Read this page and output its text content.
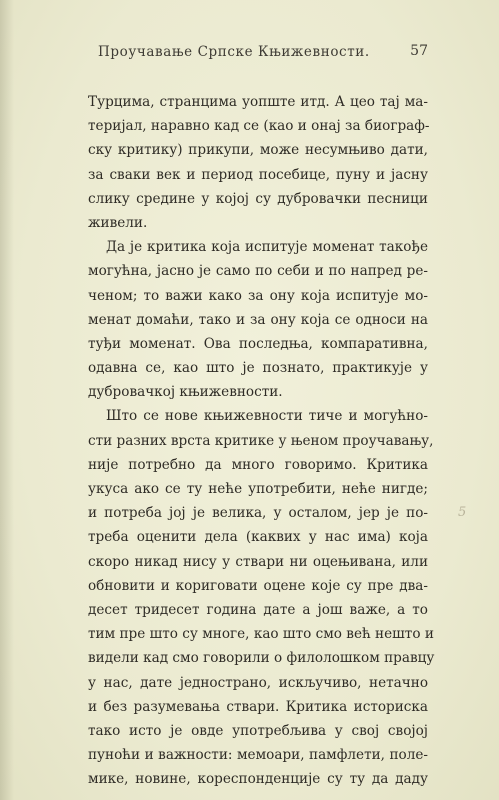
Проучавање Српске Књижевности.	57
Турцима, странцима уопште итд. А цео тај ма-
теријал, наравно кад се (као и онај за биограф-
ску критику) прикупи, може несумњиво дати,
за сваки век и период посебице, пуну и јасну
слику средине у којој су дубровачки песници
живели.
Да је критика која испитује моменат такође
могућна, јасно је само по себи и по напред ре-
ченом; то важи како за ону која испитује мо-
менат домаћи, тако и за ону која се односи на
туђи моменат. Ова последња, компаративна,
одавна се, као што је познато, практикује у
дубровачкој књижевности.
Што се нове књижевности тиче и могућно-
сти разних врста критике у њеном проучавању,
није потребно да много говоримо. Критика
укуса ако се ту неће употребити, неће нигде;
и потреба јој је велика, у осталом, јер је по-
треба оценити дела (каквих у нас има) која
скоро никад нису у ствари ни оцењивана, или
обновити и кориговати оцене које су пре два-
десет тридесет година дате а још важе, а то
тим пре што су многе, као што смо већ нешто и
видели кад смо говорили о филолошком правцу
у нас, дате једнострано, искључиво, нетачно
и без разумевања ствари. Критика историска
тако исто је овде употребљива у свој својој
пуноћи и важности: мемоари, памфлети, поле-
мике, новине, кореспонденције су ту да даду
5
